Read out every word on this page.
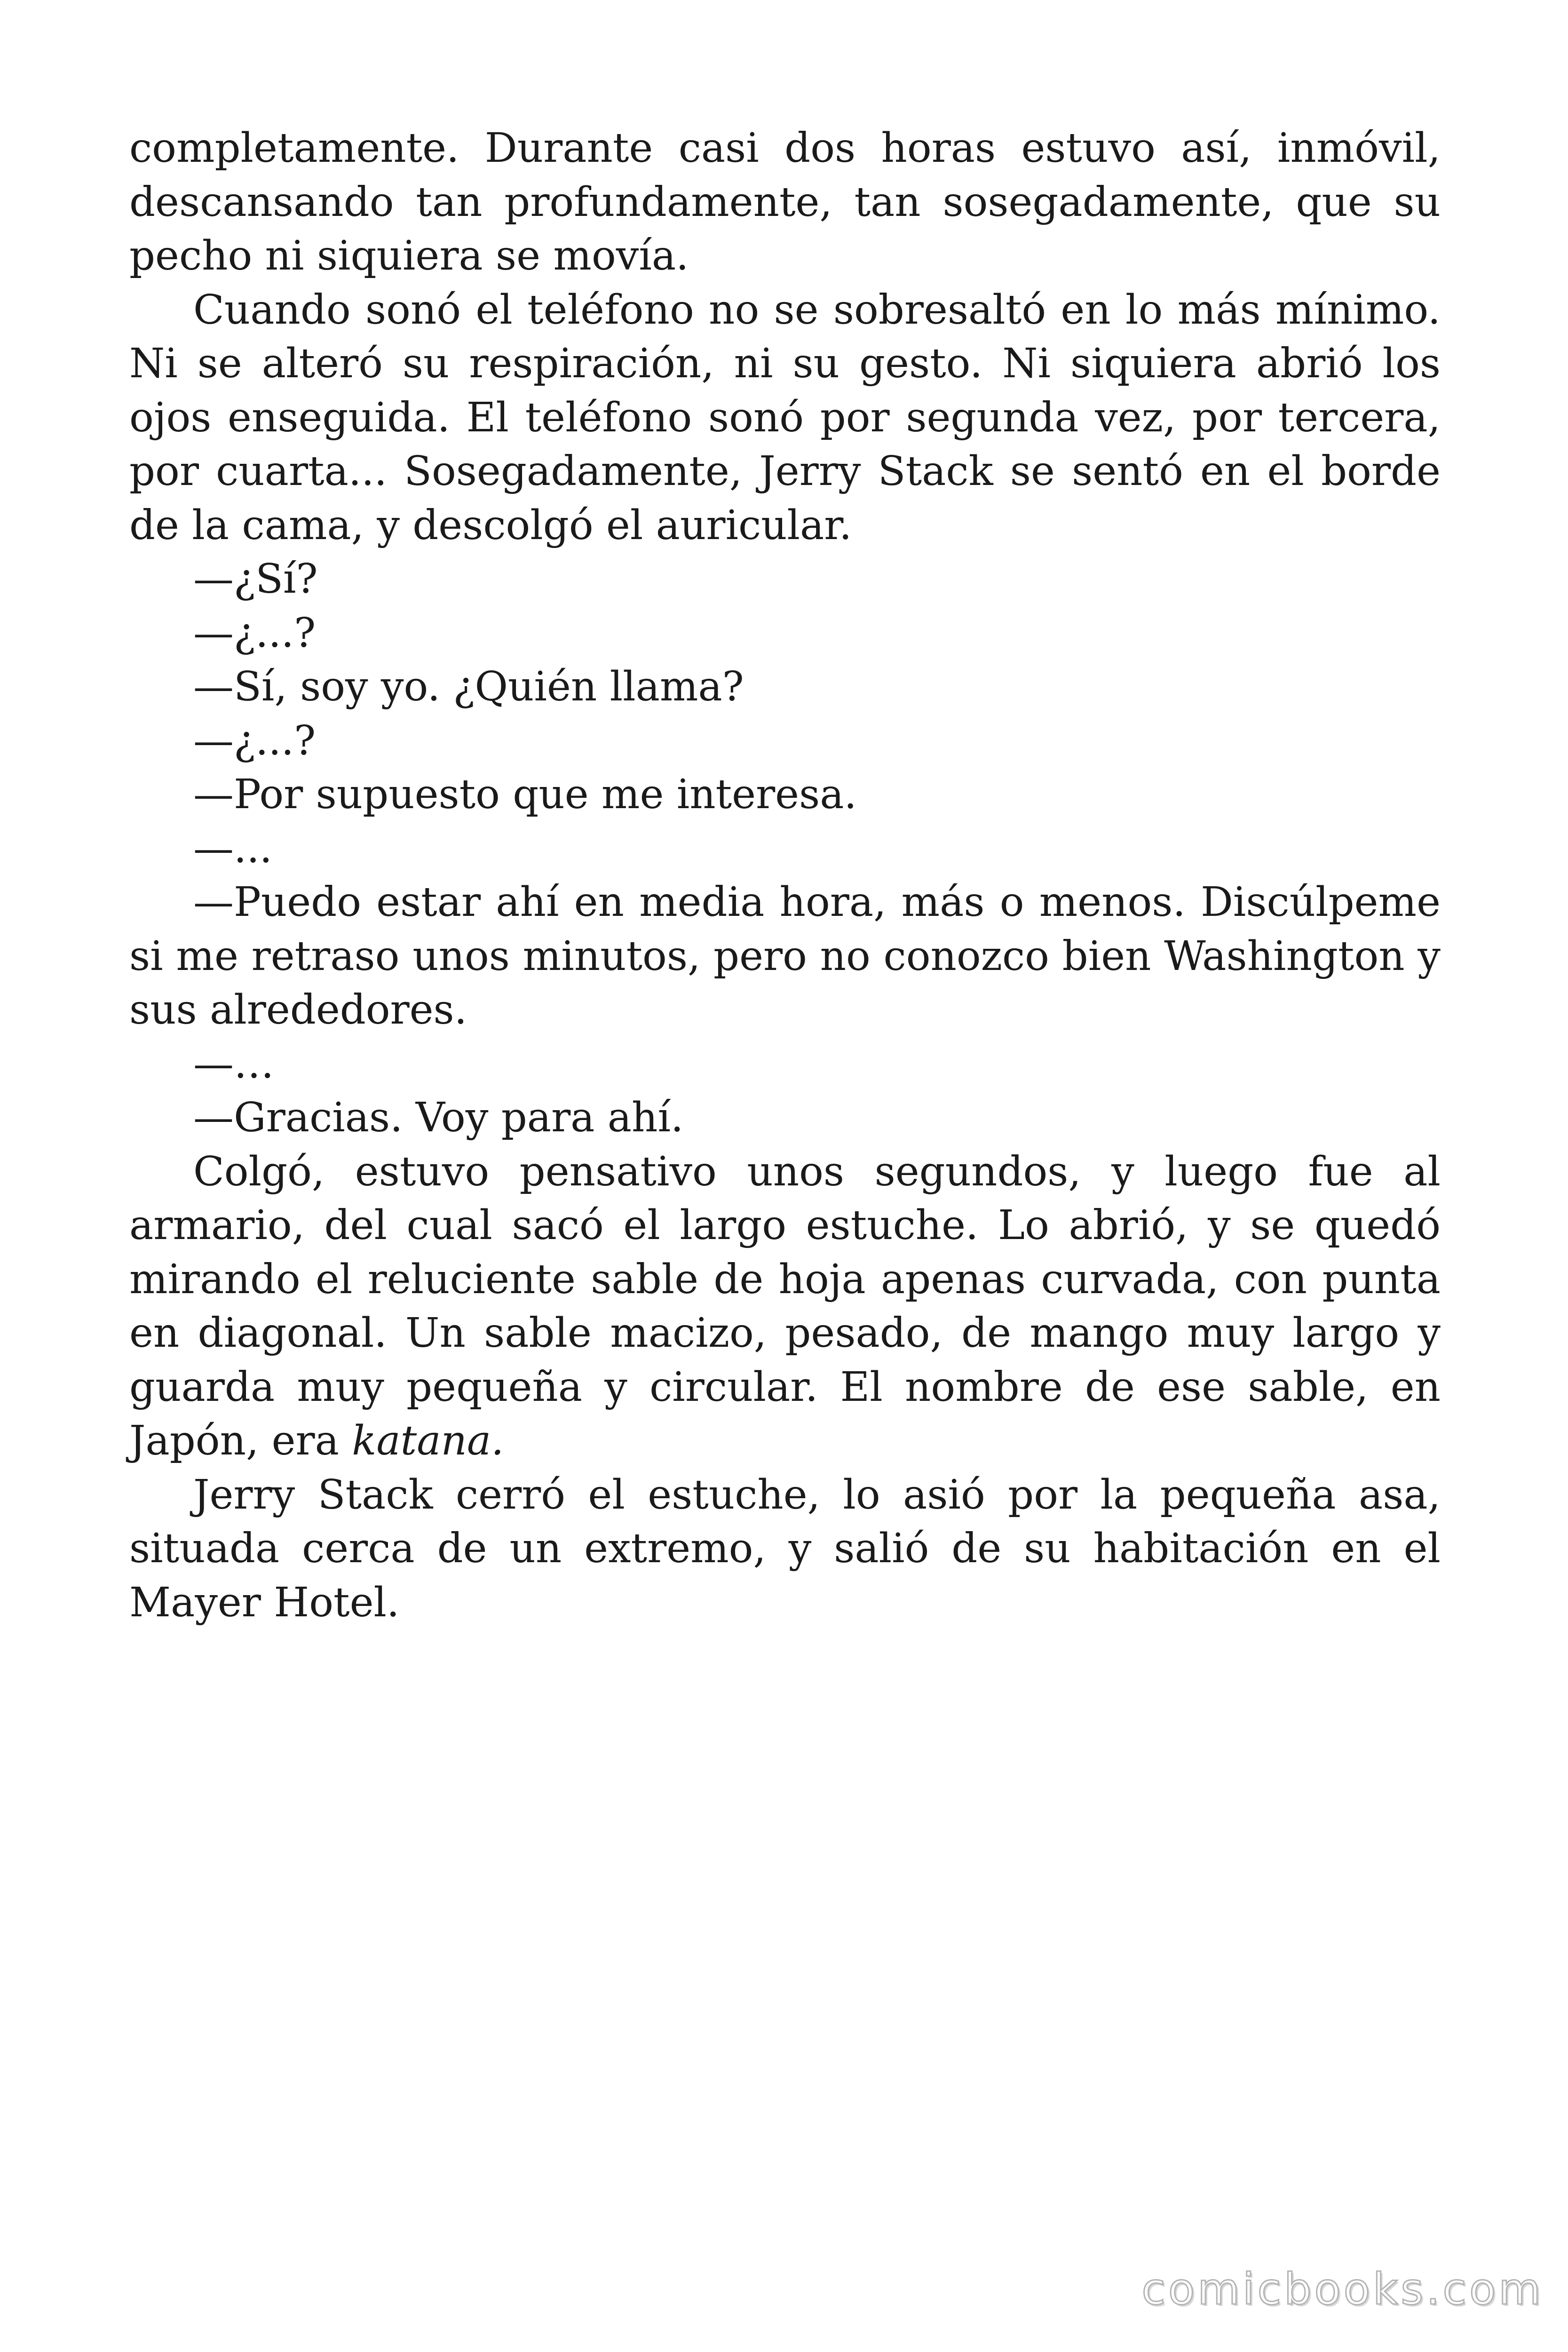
completamente. Durante casi dos horas estuvo así, inmóvil, descansando tan profundamente, tan sosegadamente, que su pecho ni siquiera se movía.

Cuando sonó el teléfono no se sobresaltó en lo más mínimo. Ni se alteró su respiración, ni su gesto. Ni siquiera abrió los ojos enseguida. El teléfono sonó por segunda vez, por tercera, por cuarta... Sosegadamente, Jerry Stack se sentó en el borde de la cama, y descolgó el auricular.

—¿Sí?

—¿...?

—Sí, soy yo. ¿Quién llama?

—¿...?

—Por supuesto que me interesa.

—...

—Puedo estar ahí en media hora, más o menos. Discúlpeme si me retraso unos minutos, pero no conozco bien Washington y sus alrededores.

—…

—Gracias. Voy para ahí.

Colgó, estuvo pensativo unos segundos, y luego fue al armario, del cual sacó el largo estuche. Lo abrió, y se quedó mirando el reluciente sable de hoja apenas curvada, con punta en diagonal. Un sable macizo, pesado, de mango muy largo y guarda muy pequeña y circular. El nombre de ese sable, en Japón, era katana.

Jerry Stack cerró el estuche, lo asió por la pequeña asa, situada cerca de un extremo, y salió de su habitación en el Mayer Hotel.

comicbooks.com
